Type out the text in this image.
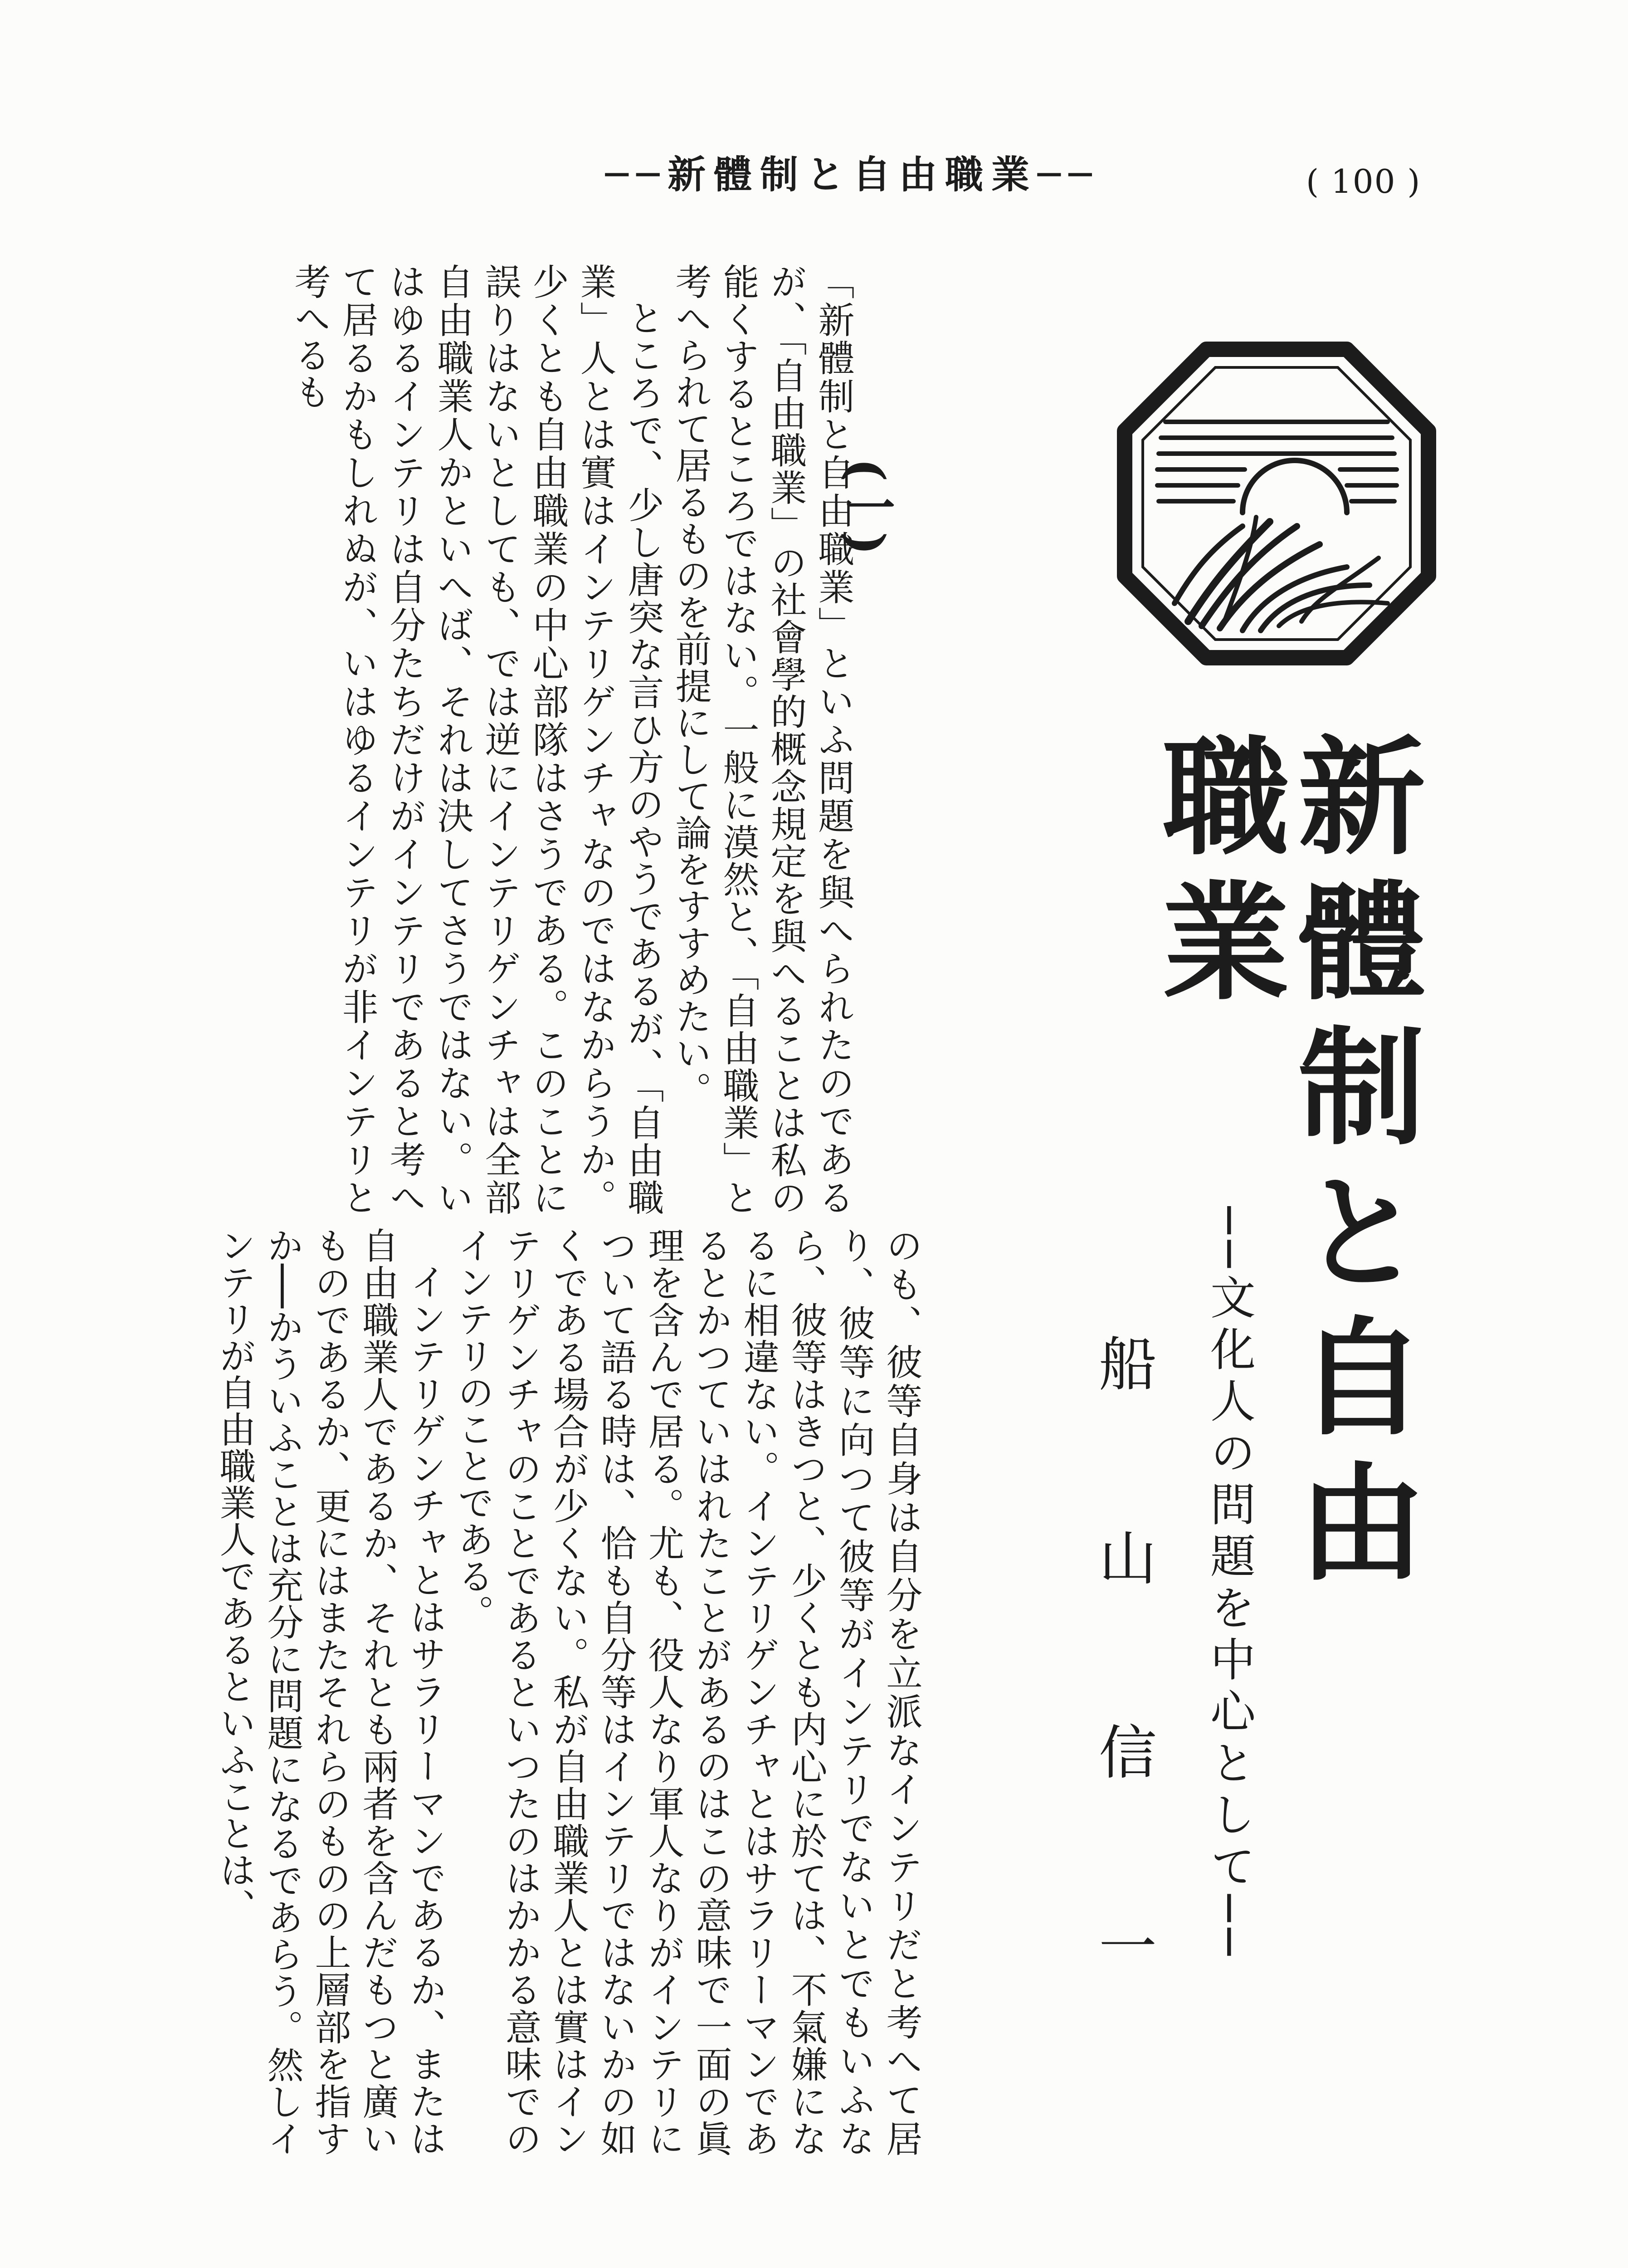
──新體制と自由職業──	( 100 )
新體制と自由職業
──文化人の問題を中心として──
船山信一
(一)

「新體制と自由職業」といふ問題を與へられたのであるが、「自由職業」の社會學的概念規定を與へることは私の能くするところではない。一般に漠然と、「自由職業」と考へられて居るものを前提にして論をすすめたい。

ところで、少し唐突な言ひ方のやうであるが、「自由職業」人とは實はインテリゲンチャなのではなからうか。少くとも自由職業の中心部隊はさうである。このことに誤りはないとしても、では逆にインテリゲンチャは全部自由職業人かといへば、それは決してさうではない。いはゆるインテリは自分たちだけがインテリであると考へて居るかもしれぬが、いはゆるインテリが非インテリと考へるも

のも、彼等自身は自分を立派なインテリだと考へて居り、彼等に向つて彼等がインテリでないとでもいふなら、彼等はきつと、少くとも内心に於ては、不氣嫌になるに相違ない。インテリゲンチャとはサラリーマンであるとかつていはれたことがあるのはこの意味で一面の眞理を含んで居る。尤も、役人なり軍人なりがインテリについて語る時は、恰も自分等はインテリではないかの如くである場合が少くない。私が自由職業人とは實はインテリゲンチャのことであるといつたのはかかる意味でのインテリのことである。

インテリゲンチャとはサラリーマンであるか、または自由職業人であるか、それとも兩者を含んだもつと廣いものであるか、更にはまたそれらのものの上層部を指すか──かういふことは充分に問題になるであらう。然しインテリが自由職業人であるといふことは、
